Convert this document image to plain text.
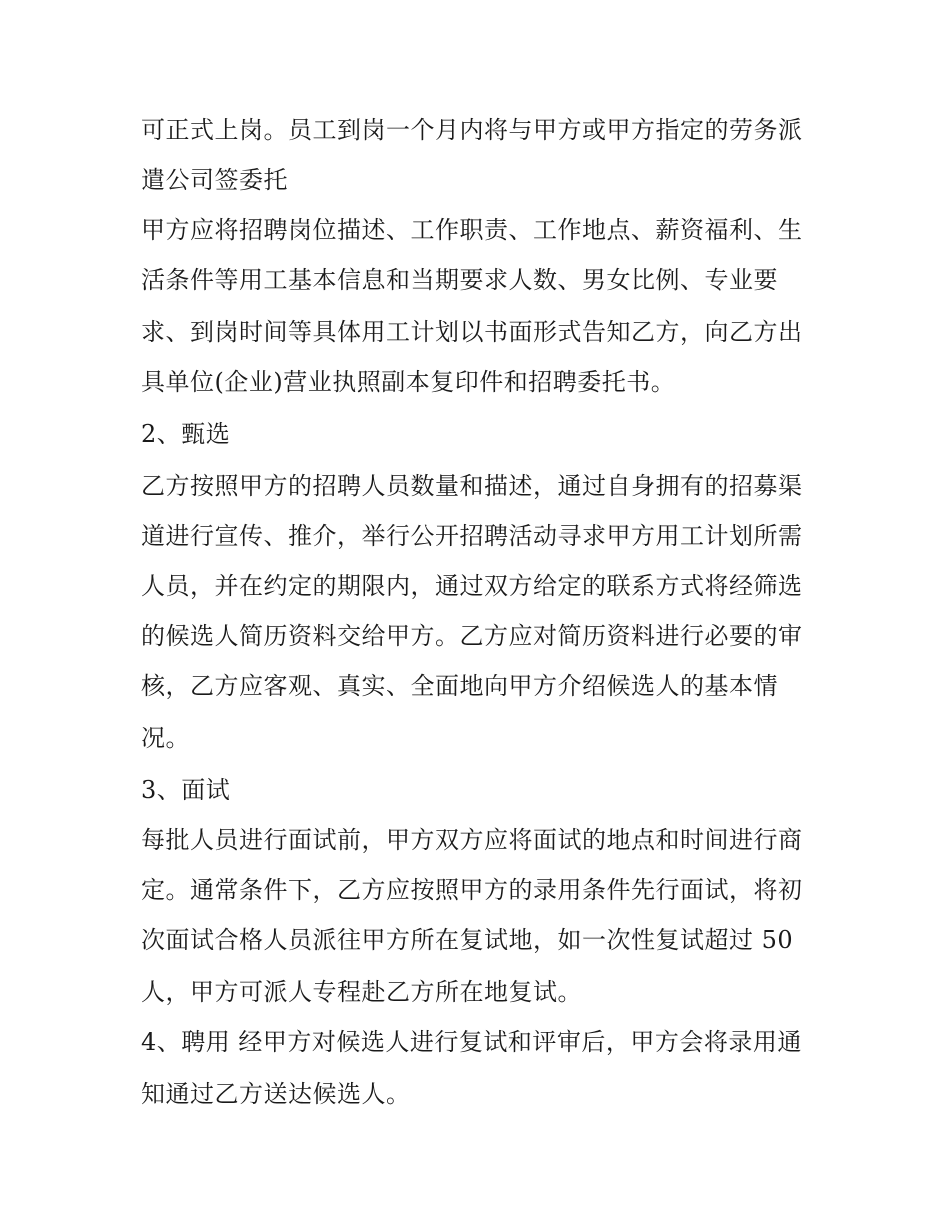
可正式上岗。员工到岗一个月内将与甲方或甲方指定的劳务派
遣公司签委托
甲方应将招聘岗位描述、工作职责、工作地点、薪资福利、生
活条件等用工基本信息和当期要求人数、男女比例、专业要
求、到岗时间等具体用工计划以书面形式告知乙方，向乙方出
具单位(企业)营业执照副本复印件和招聘委托书。
2、甄选
乙方按照甲方的招聘人员数量和描述，通过自身拥有的招募渠
道进行宣传、推介，举行公开招聘活动寻求甲方用工计划所需
人员，并在约定的期限内，通过双方给定的联系方式将经筛选
的候选人简历资料交给甲方。乙方应对简历资料进行必要的审
核，乙方应客观、真实、全面地向甲方介绍候选人的基本情
况。
3、面试
每批人员进行面试前，甲方双方应将面试的地点和时间进行商
定。通常条件下，乙方应按照甲方的录用条件先行面试，将初
次面试合格人员派往甲方所在复试地，如一次性复试超过 50
人，甲方可派人专程赴乙方所在地复试。
4、聘用 经甲方对候选人进行复试和评审后，甲方会将录用通
知通过乙方送达候选人。
